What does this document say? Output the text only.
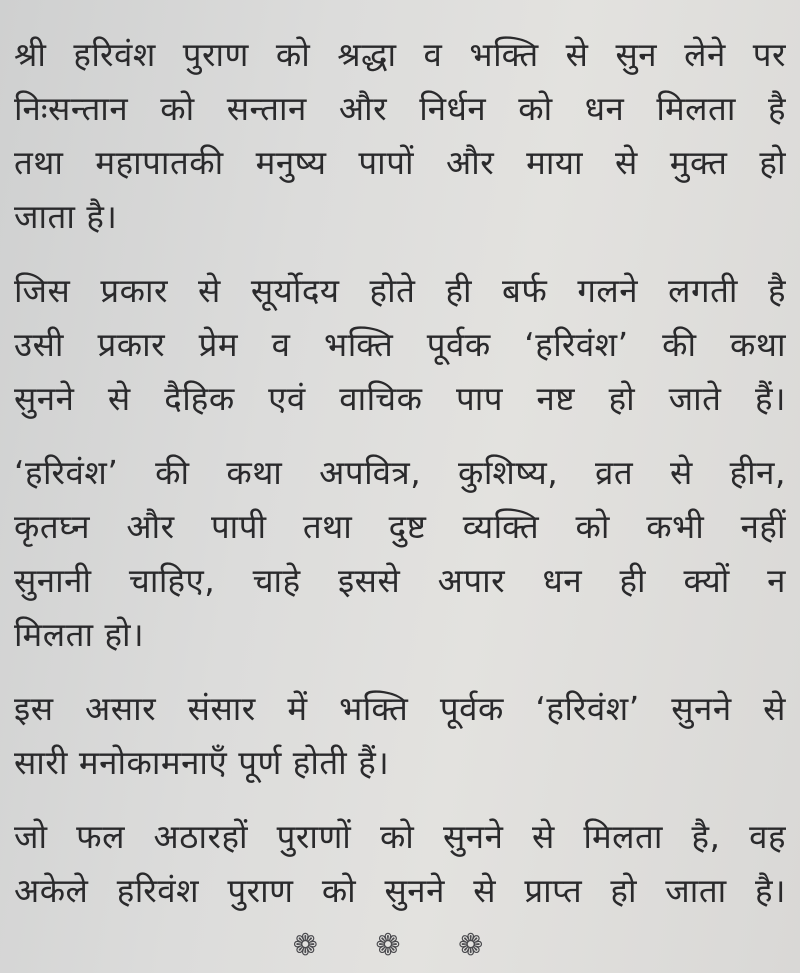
श्री हरिवंश पुराण को श्रद्धा व भक्ति से सुन लेने पर
निःसन्तान को सन्तान और निर्धन को धन मिलता है
तथा महापातकी मनुष्य पापों और माया से मुक्त हो
जाता है।
जिस प्रकार से सूर्योदय होते ही बर्फ गलने लगती है
उसी प्रकार प्रेम व भक्ति पूर्वक ‘हरिवंश’ की कथा
सुनने से दैहिक एवं वाचिक पाप नष्ट हो जाते हैं।
‘हरिवंश’ की कथा अपवित्र, कुशिष्य, व्रत से हीन,
कृतघ्न और पापी तथा दुष्ट व्यक्ति को कभी नहीं
सुनानी चाहिए, चाहे इससे अपार धन ही क्यों न
मिलता हो।
इस असार संसार में भक्ति पूर्वक ‘हरिवंश’ सुनने से
सारी मनोकामनाएँ पूर्ण होती हैं।
जो फल अठारहों पुराणों को सुनने से मिलता है, वह
अकेले हरिवंश पुराण को सुनने से प्राप्त हो जाता है।
❁ ❁ ❁
